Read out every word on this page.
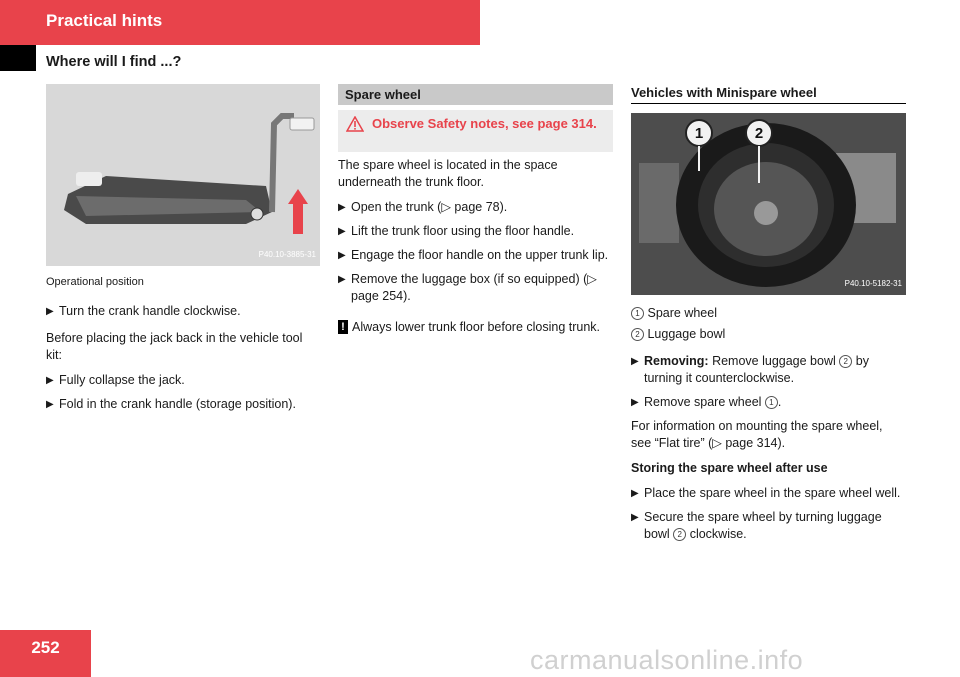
Practical hints
Where will I find ...?
P40.10-3885-31
Operational position
▶ Turn the crank handle clockwise.
Before placing the jack back in the vehicle tool kit:
▶ Fully collapse the jack.
▶ Fold in the crank handle (storage position).
Spare wheel
Observe Safety notes, see page 314.
The spare wheel is located in the space underneath the trunk floor.
▶ Open the trunk (▷ page 78).
▶ Lift the trunk floor using the floor handle.
▶ Engage the floor handle on the upper trunk lip.
▶ Remove the luggage box (if so equipped) (▷ page 254).
! Always lower trunk floor before closing trunk.
Vehicles with Minispare wheel
1	2
P40.10-5182-31
1 Spare wheel
2 Luggage bowl
▶ Removing: Remove luggage bowl 2 by turning it counterclockwise.
▶ Remove spare wheel 1 .
For information on mounting the spare wheel, see “Flat tire” (▷ page 314).
Storing the spare wheel after use
▶ Place the spare wheel in the spare wheel well.
▶ Secure the spare wheel by turning luggage bowl 2 clockwise.
252	carmanualsonline.info
